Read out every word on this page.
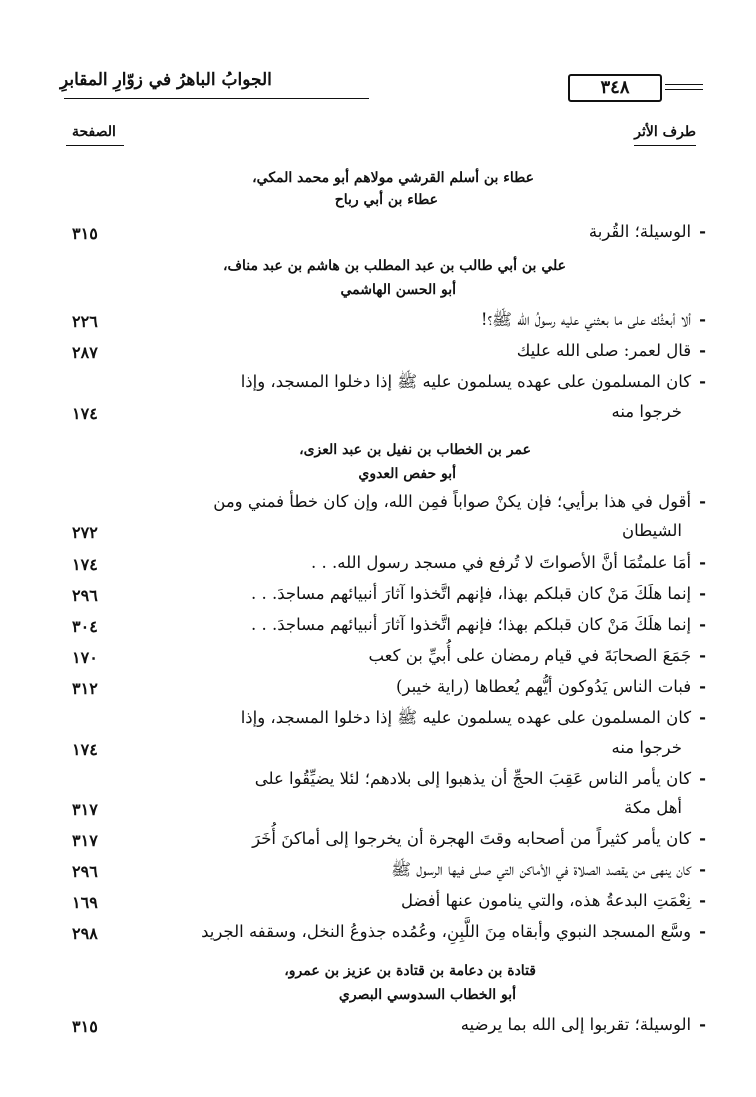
الجوابُ الباهرُ في زوّارِ المقابرِ	٣٤٨
طرف الأثر
الصفحة
عطاء بن أسلم القرشي مولاهم أبو محمد المكي،
عطاء بن أبي رباح
-الوسيلة؛ القُربة
٣١٥
علي بن أبي طالب بن عبد المطلب بن هاشم بن عبد مناف،
أبو الحسن الهاشمي
-ألا أبعثُك على ما بعثني عليه رسولُ الله ﷺ؟!
٢٢٦
-قال لعمر: صلى الله عليك
٢٨٧
-كان المسلمون على عهده يسلمون عليه ﷺ إذا دخلوا المسجد، وإذا
خرجوا منه
١٧٤
عمر بن الخطاب بن نفيل بن عبد العزى،
أبو حفص العدوي
-أقول في هذا برأيي؛ فإن يكنْ صواباً فمِن الله، وإن كان خطأ فمني ومن
الشيطان
٢٧٢
-أمَا علمتُمَا أنَّ الأصواتَ لا تُرفع في مسجد رسول الله. . .
١٧٤
-إنما هلَكَ مَنْ كان قبلكم بهذا، فإنهم اتَّخذوا آثارَ أنبيائهم مساجدَ. . .
٢٩٦
-إنما هلَكَ مَنْ كان قبلكم بهذا؛ فإنهم اتَّخذوا آثارَ أنبيائهم مساجدَ. . .
٣٠٤
-جَمَعَ الصحابَةَ في قيام رمضان على أُبيِّ بن كعب
١٧٠
-فبات الناس يَدُوكون أيُّهم يُعطاها (راية خيبر)
٣١٢
-كان المسلمون على عهده يسلمون عليه ﷺ إذا دخلوا المسجد، وإذا
خرجوا منه
١٧٤
-كان يأمر الناس عَقِبَ الحجِّ أن يذهبوا إلى بلادهم؛ لئلا يضيِّقُوا على
أهل مكة
٣١٧
-كان يأمر كثيراً من أصحابه وقتَ الهجرة أن يخرجوا إلى أماكنَ أُخَرَ
٣١٧
-كان ينهى من يقصد الصلاة في الأماكن التي صلى فيها الرسول ﷺ
٢٩٦
-نِعْمَتِ البدعةُ هذه، والتي ينامون عنها أفضل
١٦٩
-وسَّع المسجد النبوي وأبقاه مِنَ اللَّبِنِ، وعُمُده جذوعُ النخل، وسقفه الجريد
٢٩٨
قتادة بن دعامة بن قتادة بن عزيز بن عمرو،
أبو الخطاب السدوسي البصري
-الوسيلة؛ تقربوا إلى الله بما يرضيه
٣١٥
